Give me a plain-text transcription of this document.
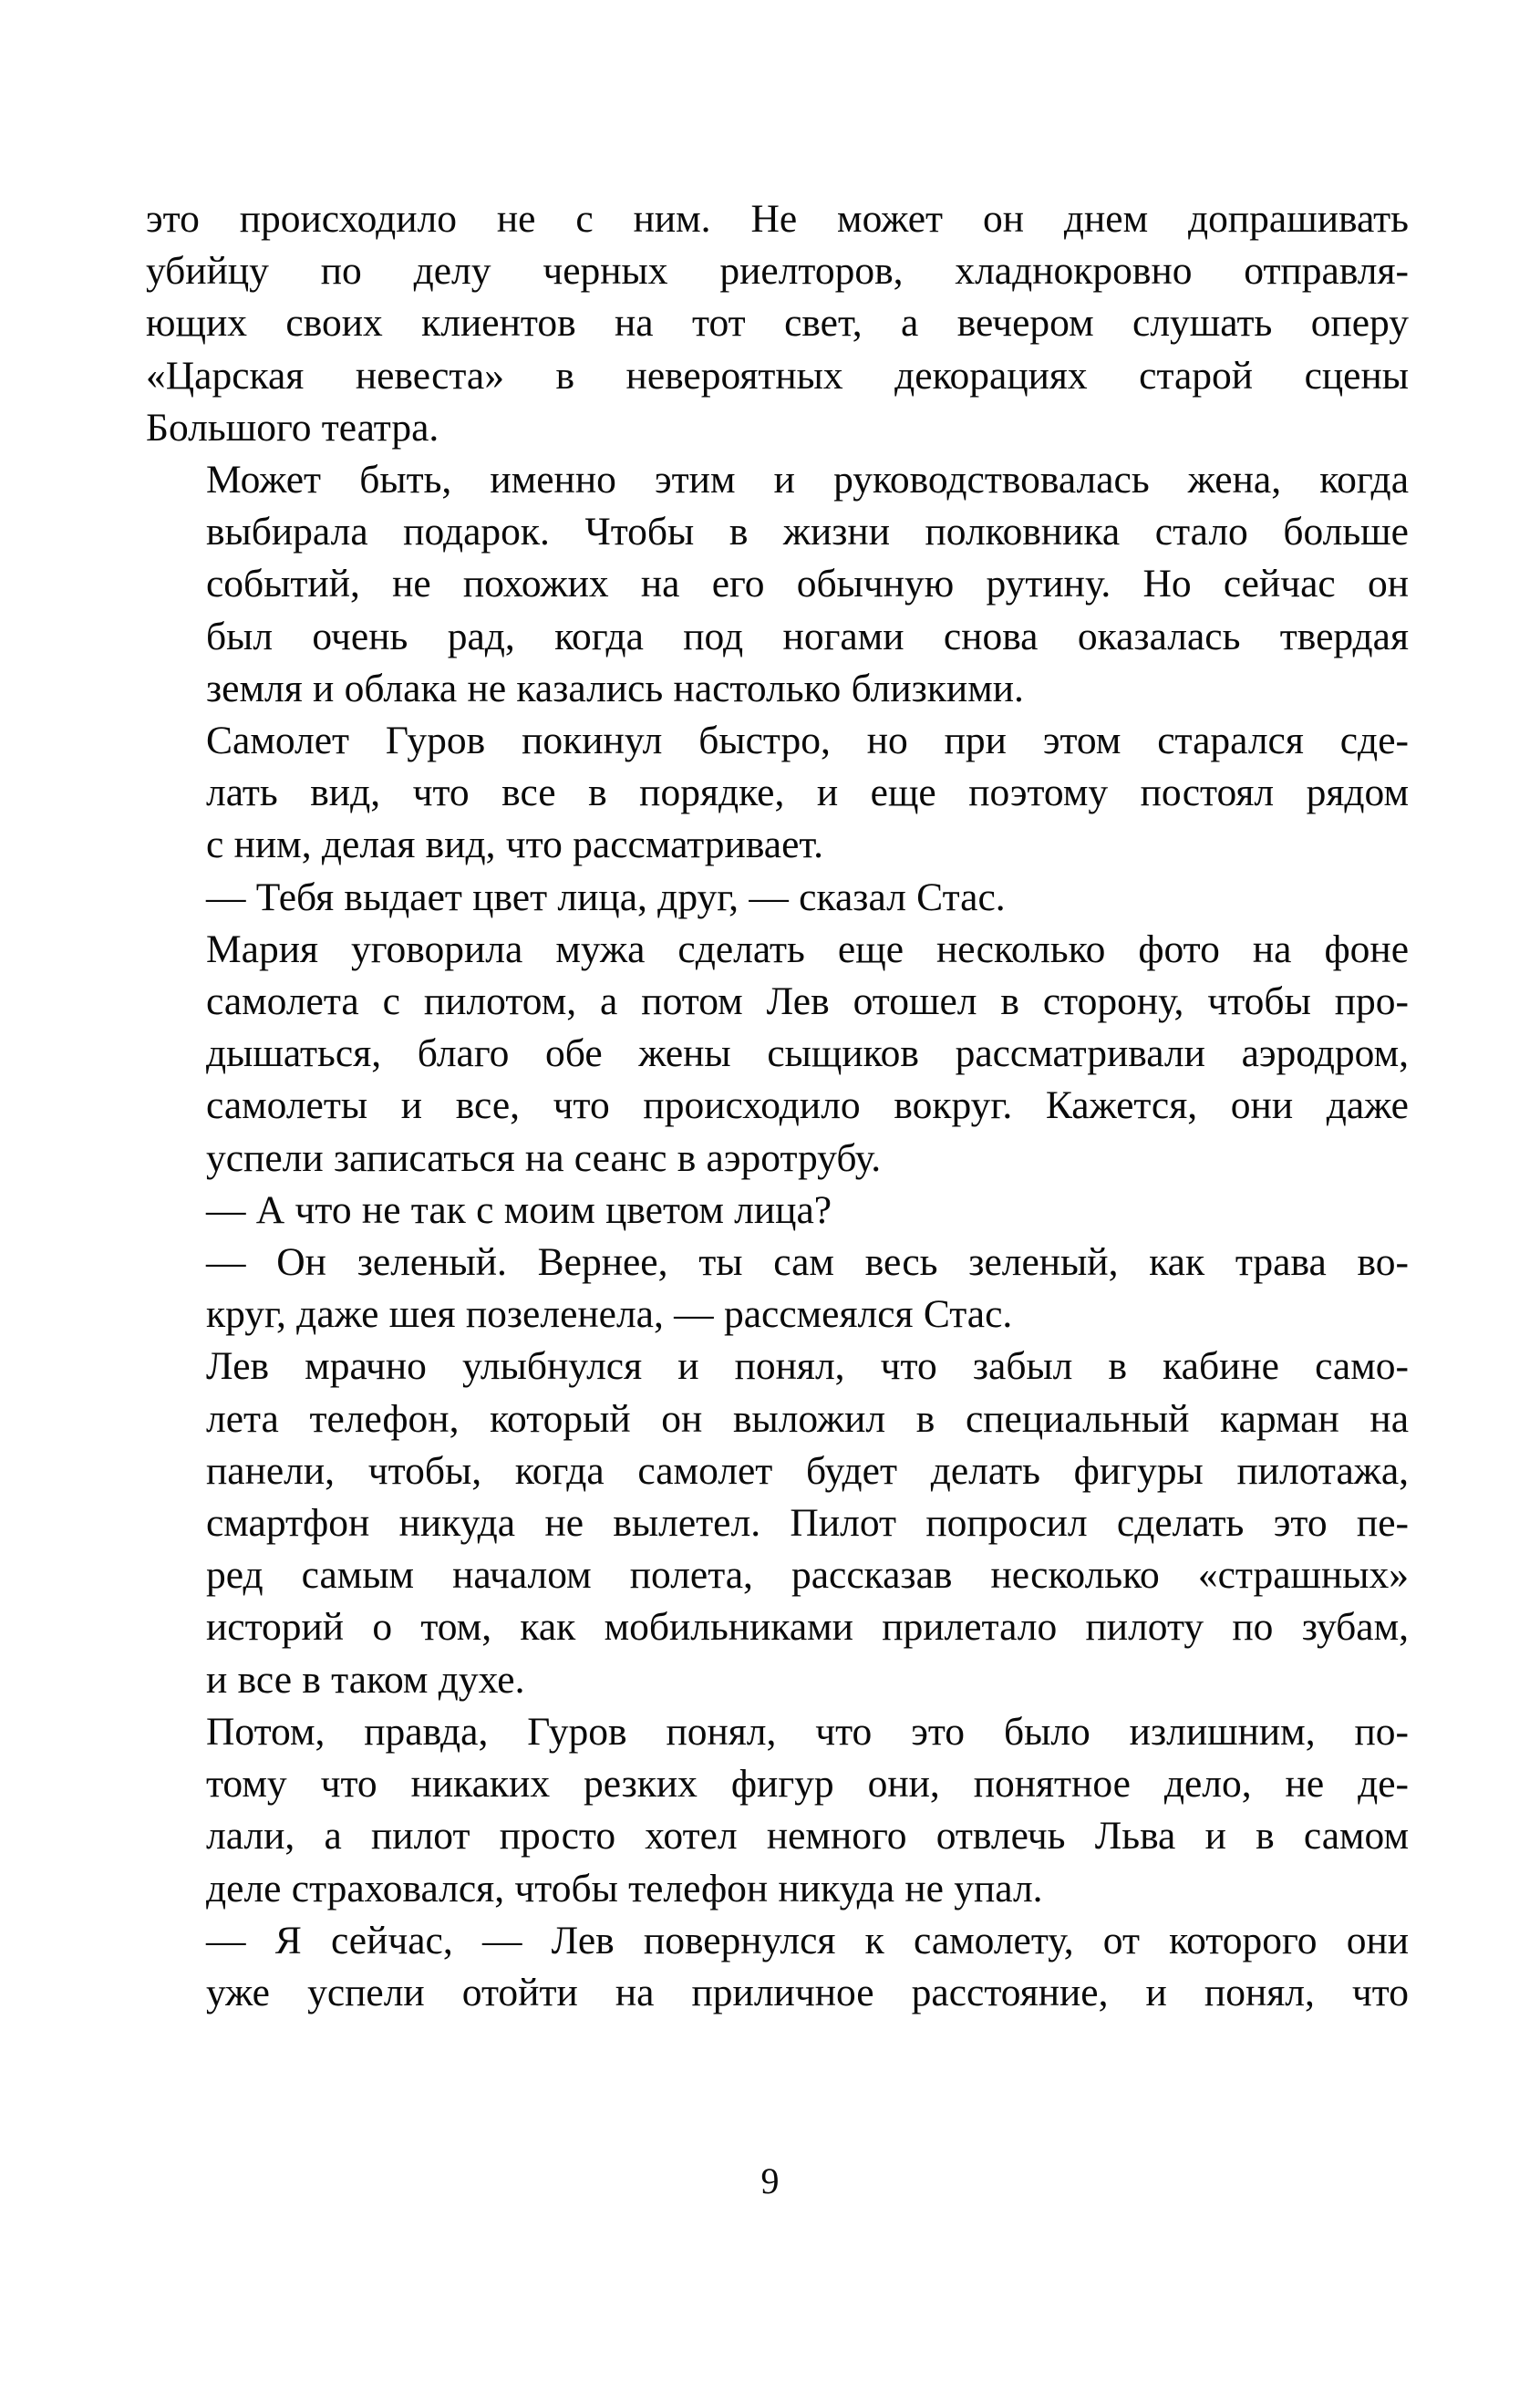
это происходило не с ним. Не может он днем допрашивать
убийцу по делу черных риелторов, хладнокровно отправля-
ющих своих клиентов на тот свет, а вечером слушать оперу
«Царская невеста» в невероятных декорациях старой сцены
Большого театра.

Может быть, именно этим и руководствовалась жена, когда
выбирала подарок. Чтобы в жизни полковника стало больше
событий, не похожих на его обычную рутину. Но сейчас он
был очень рад, когда под ногами снова оказалась твердая
земля и облака не казались настолько близкими.

Самолет Гуров покинул быстро, но при этом старался сде-
лать вид, что все в порядке, и еще поэтому постоял рядом
с ним, делая вид, что рассматривает.

— Тебя выдает цвет лица, друг, — сказал Стас.

Мария уговорила мужа сделать еще несколько фото на фоне
самолета с пилотом, а потом Лев отошел в сторону, чтобы про-
дышаться, благо обе жены сыщиков рассматривали аэродром,
самолеты и все, что происходило вокруг. Кажется, они даже
успели записаться на сеанс в аэротрубу.

— А что не так с моим цветом лица?

— Он зеленый. Вернее, ты сам весь зеленый, как трава во-
круг, даже шея позеленела, — рассмеялся Стас.

Лев мрачно улыбнулся и понял, что забыл в кабине само-
лета телефон, который он выложил в специальный карман на
панели, чтобы, когда самолет будет делать фигуры пилотажа,
смартфон никуда не вылетел. Пилот попросил сделать это пе-
ред самым началом полета, рассказав несколько «страшных»
историй о том, как мобильниками прилетало пилоту по зубам,
и все в таком духе.

Потом, правда, Гуров понял, что это было излишним, по-
тому что никаких резких фигур они, понятное дело, не де-
лали, а пилот просто хотел немного отвлечь Льва и в самом
деле страховался, чтобы телефон никуда не упал.

— Я сейчас, — Лев повернулся к самолету, от которого они
уже успели отойти на приличное расстояние, и понял, что

9
